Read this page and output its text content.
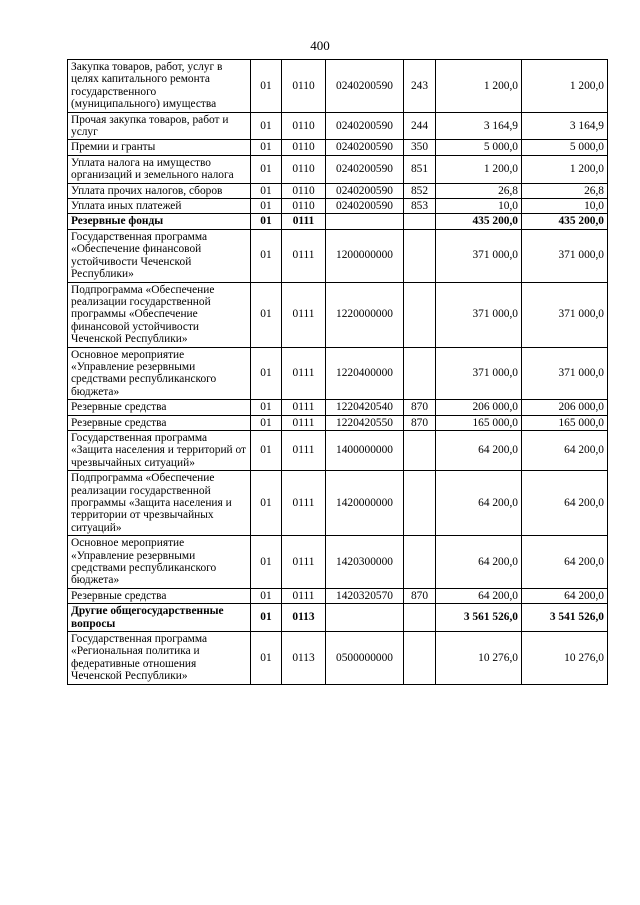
400
Закупка товаров, работ, услуг в целях капитального ремонта государственного (муниципального) имущества	01	0110	0240200590	243	1 200,0	1 200,0
Прочая закупка товаров, работ и услуг	01	0110	0240200590	244	3 164,9	3 164,9
Премии и гранты	01	0110	0240200590	350	5 000,0	5 000,0
Уплата налога на имущество организаций и земельного налога	01	0110	0240200590	851	1 200,0	1 200,0
Уплата прочих налогов, сборов	01	0110	0240200590	852	26,8	26,8
Уплата иных платежей	01	0110	0240200590	853	10,0	10,0
Резервные фонды	01	0111			435 200,0	435 200,0
Государственная программа «Обеспечение финансовой устойчивости Чеченской Республики»	01	0111	1200000000		371 000,0	371 000,0
Подпрограмма «Обеспечение реализации государственной программы «Обеспечение финансовой устойчивости Чеченской Республики»	01	0111	1220000000		371 000,0	371 000,0
Основное мероприятие «Управление резервными средствами республиканского бюджета»	01	0111	1220400000		371 000,0	371 000,0
Резервные средства	01	0111	1220420540	870	206 000,0	206 000,0
Резервные средства	01	0111	1220420550	870	165 000,0	165 000,0
Государственная программа «Защита населения и территорий от чрезвычайных ситуаций»	01	0111	1400000000		64 200,0	64 200,0
Подпрограмма «Обеспечение реализации государственной программы «Защита населения и территории от чрезвычайных ситуаций»	01	0111	1420000000		64 200,0	64 200,0
Основное мероприятие «Управление резервными средствами республиканского бюджета»	01	0111	1420300000		64 200,0	64 200,0
Резервные средства	01	0111	1420320570	870	64 200,0	64 200,0
Другие общегосударственные вопросы	01	0113			3 561 526,0	3 541 526,0
Государственная программа «Региональная политика и федеративные отношения Чеченской Республики»	01	0113	0500000000		10 276,0	10 276,0
